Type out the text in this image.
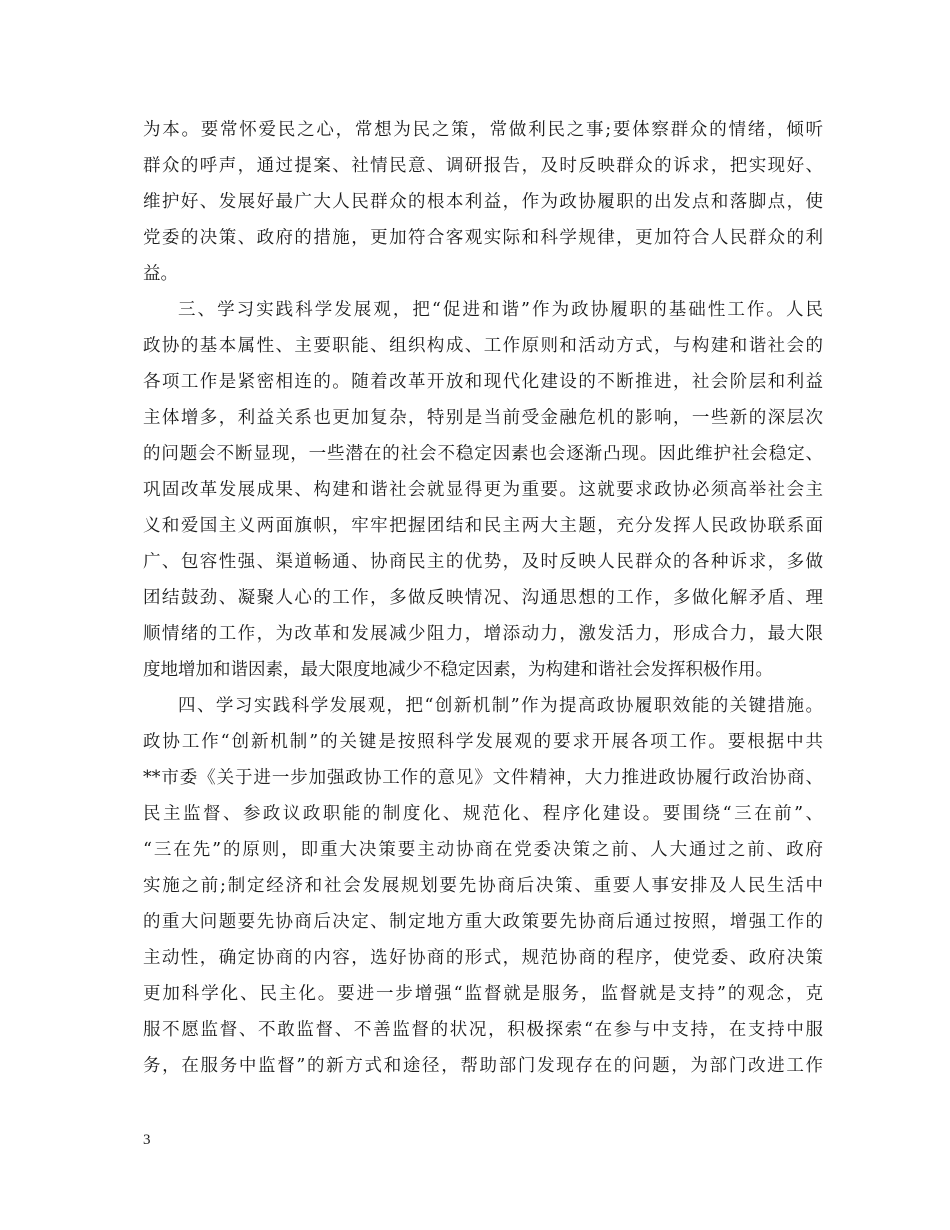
为本。要常怀爱民之心，常想为民之策，常做利民之事;要体察群众的情绪，倾听
群众的呼声，通过提案、社情民意、调研报告，及时反映群众的诉求，把实现好、
维护好、发展好最广大人民群众的根本利益，作为政协履职的出发点和落脚点，使
党委的决策、政府的措施，更加符合客观实际和科学规律，更加符合人民群众的利
益。
三、学习实践科学发展观，把“促进和谐”作为政协履职的基础性工作。人民
政协的基本属性、主要职能、组织构成、工作原则和活动方式，与构建和谐社会的
各项工作是紧密相连的。随着改革开放和现代化建设的不断推进，社会阶层和利益
主体增多，利益关系也更加复杂，特别是当前受金融危机的影响，一些新的深层次
的问题会不断显现，一些潜在的社会不稳定因素也会逐渐凸现。因此维护社会稳定、
巩固改革发展成果、构建和谐社会就显得更为重要。这就要求政协必须高举社会主
义和爱国主义两面旗帜，牢牢把握团结和民主两大主题，充分发挥人民政协联系面
广、包容性强、渠道畅通、协商民主的优势，及时反映人民群众的各种诉求，多做
团结鼓劲、凝聚人心的工作，多做反映情况、沟通思想的工作，多做化解矛盾、理
顺情绪的工作，为改革和发展减少阻力，增添动力，激发活力，形成合力，最大限
度地增加和谐因素，最大限度地减少不稳定因素，为构建和谐社会发挥积极作用。
四、学习实践科学发展观，把“创新机制”作为提高政协履职效能的关键措施。
政协工作“创新机制”的关键是按照科学发展观的要求开展各项工作。要根据中共
**市委《关于进一步加强政协工作的意见》文件精神，大力推进政协履行政治协商、
民主监督、参政议政职能的制度化、规范化、程序化建设。要围绕“三在前”、
“三在先”的原则，即重大决策要主动协商在党委决策之前、人大通过之前、政府
实施之前;制定经济和社会发展规划要先协商后决策、重要人事安排及人民生活中
的重大问题要先协商后决定、制定地方重大政策要先协商后通过按照，增强工作的
主动性，确定协商的内容，选好协商的形式，规范协商的程序，使党委、政府决策
更加科学化、民主化。要进一步增强“监督就是服务，监督就是支持”的观念，克
服不愿监督、不敢监督、不善监督的状况，积极探索“在参与中支持，在支持中服
务，在服务中监督”的新方式和途径，帮助部门发现存在的问题，为部门改进工作
3
